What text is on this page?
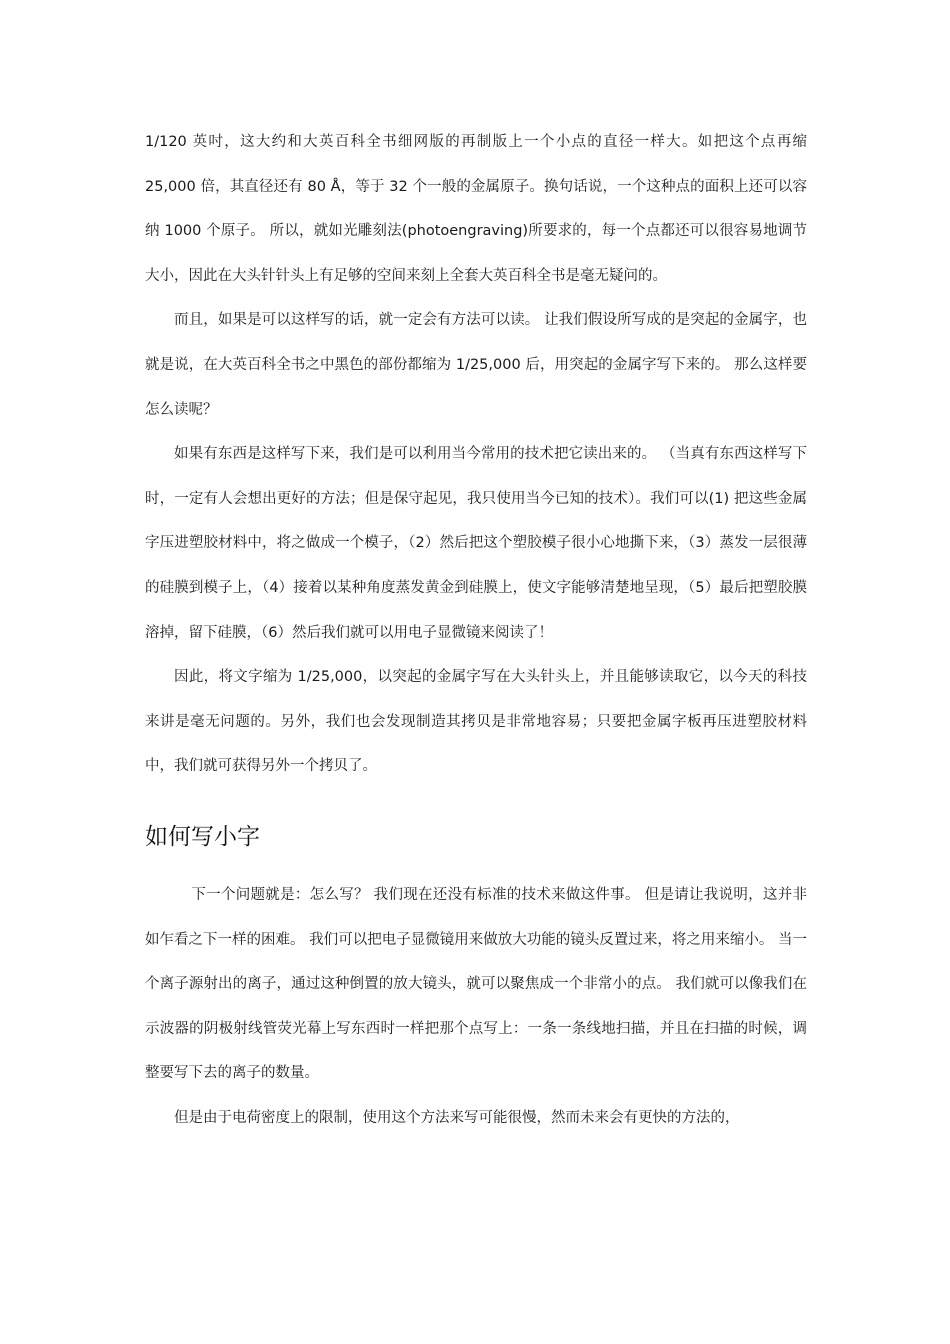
1/120 英吋，这大约和大英百科全书细网版的再制版上一个小点的直径一样大。如把这个点再缩 25,000 倍，其直径还有 80 Å，等于 32 个一般的金属原子。换句话说，一个这种点的面积上还可以容纳 1000 个原子。 所以，就如光雕刻法(photoengraving)所要求的，每一个点都还可以很容易地调节大小，因此在大头针针头上有足够的空间来刻上全套大英百科全书是毫无疑问的。

而且，如果是可以这样写的话，就一定会有方法可以读。 让我们假设所写成的是突起的金属字，也就是说，在大英百科全书之中黑色的部份都缩为 1/25,000 后，用突起的金属字写下来的。 那么这样要怎么读呢？

如果有东西是这样写下来，我们是可以利用当今常用的技术把它读出来的。 （当真有东西这样写下时，一定有人会想出更好的方法；但是保守起见，我只使用当今已知的技术）。我们可以(1) 把这些金属字压进塑胶材料中，将之做成一个模子，（2）然后把这个塑胶模子很小心地撕下来，（3）蒸发一层很薄的硅膜到模子上，（4）接着以某种角度蒸发黄金到硅膜上，使文字能够清楚地呈现，（5）最后把塑胶膜溶掉，留下硅膜，（6）然后我们就可以用电子显微镜来阅读了！

因此，将文字缩为 1/25,000，以突起的金属字写在大头针头上，并且能够读取它，以今天的科技来讲是毫无问题的。另外，我们也会发现制造其拷贝是非常地容易；只要把金属字板再压进塑胶材料中，我们就可获得另外一个拷贝了。

如何写小字

下一个问题就是：怎么写？ 我们现在还没有标准的技术来做这件事。 但是请让我说明，这并非如乍看之下一样的困难。 我们可以把电子显微镜用来做放大功能的镜头反置过来，将之用来缩小。 当一个离子源射出的离子，通过这种倒置的放大镜头，就可以聚焦成一个非常小的点。 我们就可以像我们在示波器的阴极射线管荧光幕上写东西时一样把那个点写上：一条一条线地扫描，并且在扫描的时候，调整要写下去的离子的数量。

但是由于电荷密度上的限制，使用这个方法来写可能很慢，然而未来会有更快的方法的，
